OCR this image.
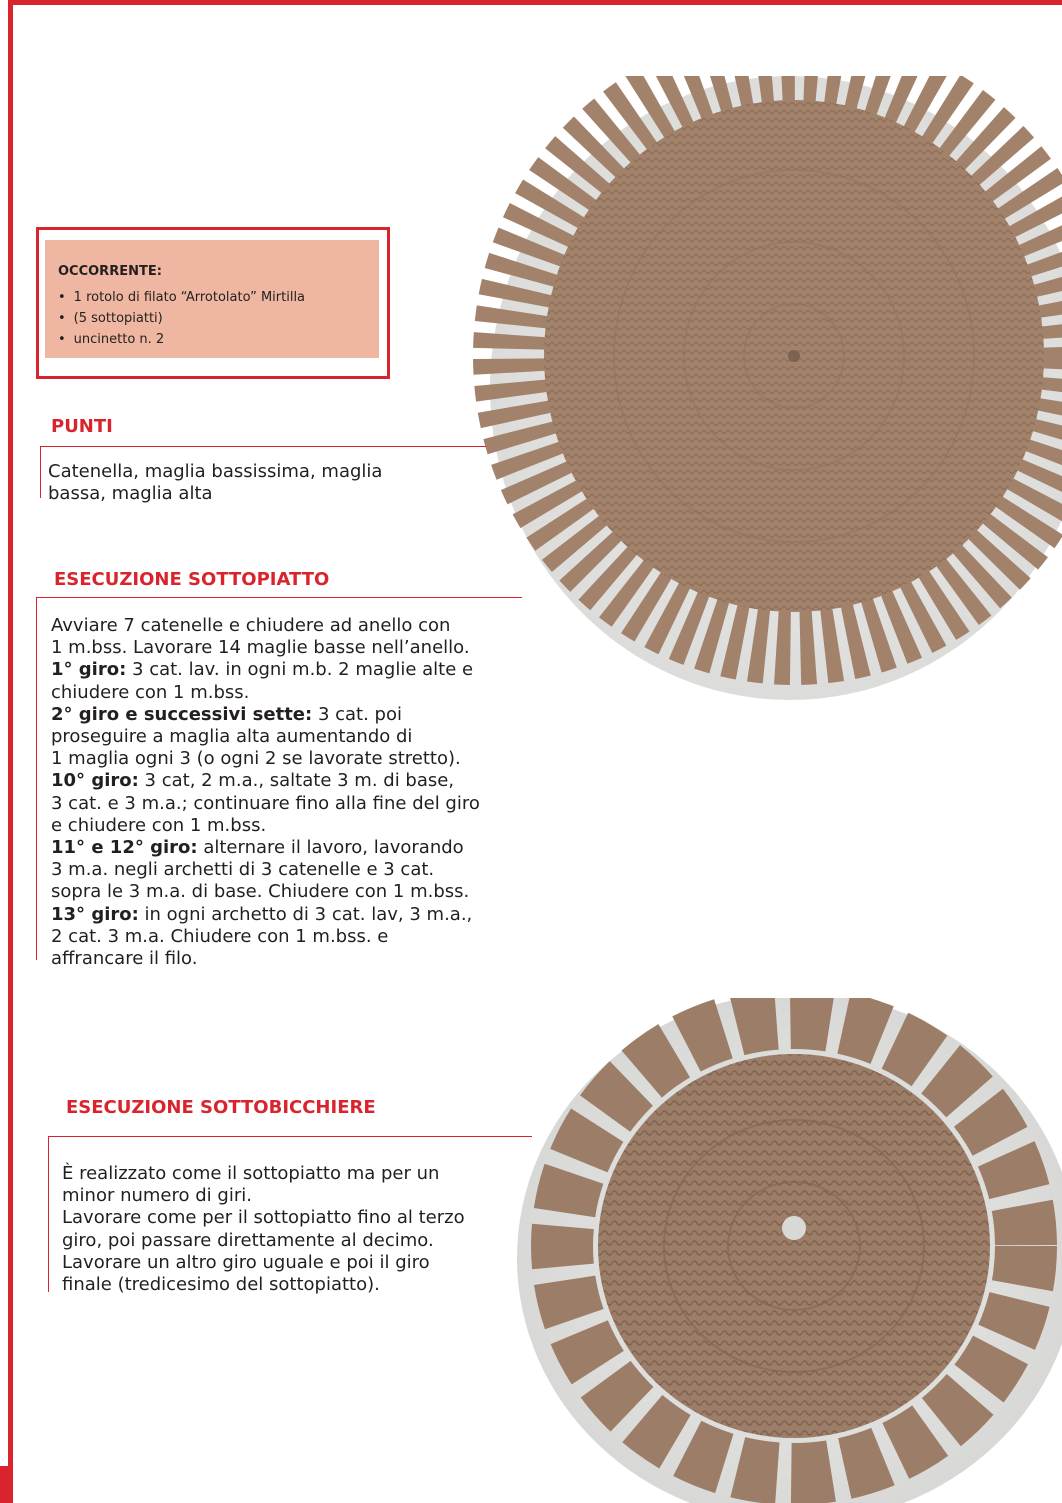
OCCORRENTE:
• 1 rotolo di filato “Arrotolato” Mirtilla
• (5 sottopiatti)
• uncinetto n. 2
PUNTI

Catenella, maglia bassissima, maglia

bassa, maglia alta

ESECUZIONE SOTTOPIATTO

Avviare 7 catenelle e chiudere ad anello con

1 m.bss. Lavorare 14 maglie basse nell’anello.

1° giro: 3 cat. lav. in ogni m.b. 2 maglie alte e

chiudere con 1 m.bss.

2° giro e successivi sette: 3 cat. poi

proseguire a maglia alta aumentando di

1 maglia ogni 3 (o ogni 2 se lavorate stretto).

10° giro: 3 cat, 2 m.a., saltate 3 m. di base,

3 cat. e 3 m.a.; continuare fino alla fine del giro

e chiudere con 1 m.bss.

11° e 12° giro: alternare il lavoro, lavorando

3 m.a. negli archetti di 3 catenelle e 3 cat.

sopra le 3 m.a. di base. Chiudere con 1 m.bss.

13° giro: in ogni archetto di 3 cat. lav, 3 m.a.,

2 cat. 3 m.a. Chiudere con 1 m.bss. e

affrancare il filo.

ESECUZIONE SOTTOBICCHIERE

È realizzato come il sottopiatto ma per un

minor numero di giri.

Lavorare come per il sottopiatto fino al terzo

giro, poi passare direttamente al decimo.

Lavorare un altro giro uguale e poi il giro

finale (tredicesimo del sottopiatto).
